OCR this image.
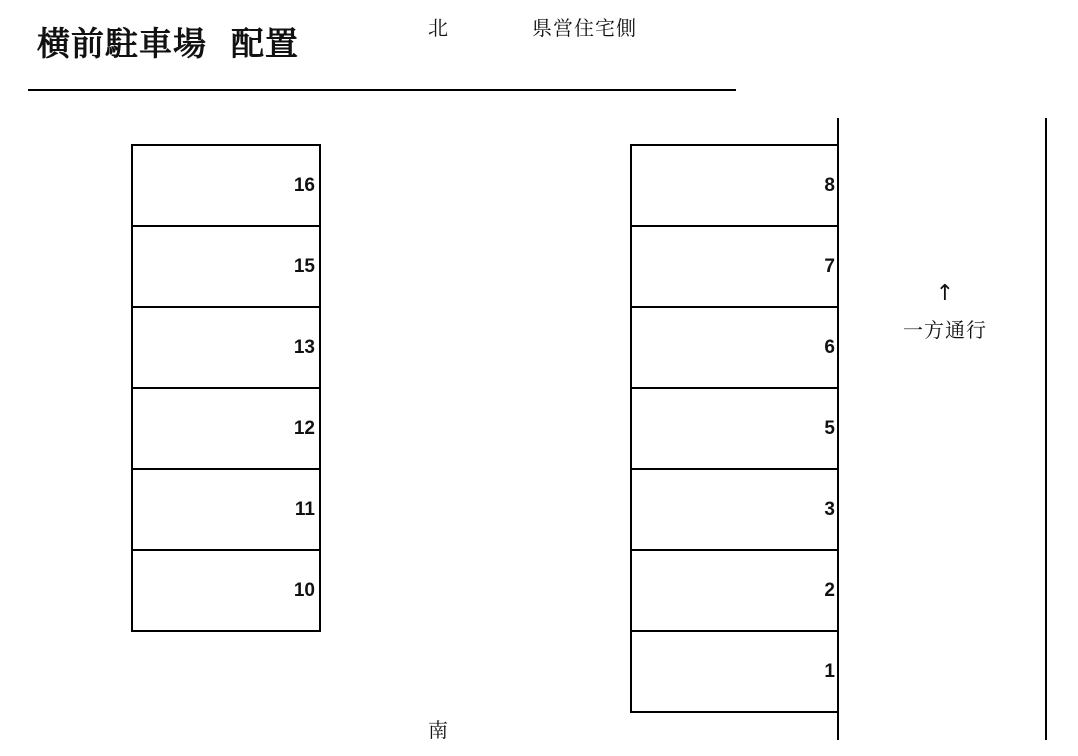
横前駐車場 配置	北	県営住宅側
16
15
13
12
11
10
8
7
6
5
3
2
1
↑
一方通行
南
